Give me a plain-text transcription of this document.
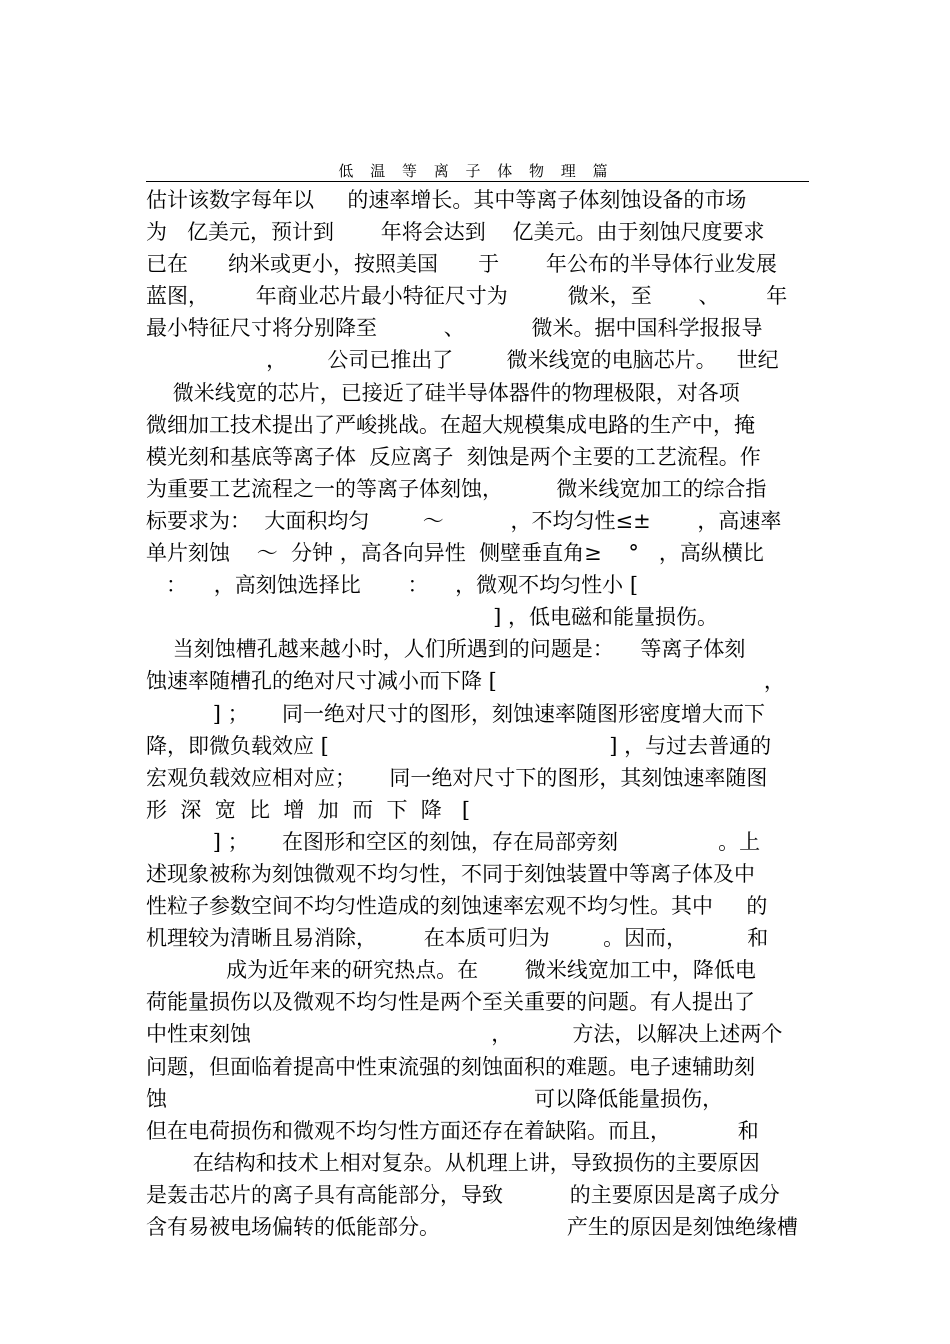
低 温 等 离 子 体 物 理 篇
估计该数字每年以     的速率增长。其中等离子体刻蚀设备的市场
为   亿美元，预计到       年将会达到    亿美元。由于刻蚀尺度要求
已在      纳米或更小，按照美国      于       年公布的半导体行业发展
蓝图，       年商业芯片最小特征尺寸为         微米，至       、       年
最小特征尺寸将分别降至          、          微米。据中国科学报报导
，      公司已推出了        微米线宽的电脑芯片。   世纪
微米线宽的芯片，已接近了硅半导体器件的物理极限，对各项
微细加工技术提出了严峻挑战。在超大规模集成电路的生产中，掩
模光刻和基底等离子体  反应离子  刻蚀是两个主要的工艺流程。作
为重要工艺流程之一的等离子体刻蚀，        微米线宽加工的综合指
标要求为：  大面积均匀        ～          ，不均匀性≤±       ，高速率
单片刻蚀    ～  分钟 ，高各向异性  侧壁垂直角≥    °   ，高纵横比
：    ，高刻蚀选择比       ：    ，微观不均匀性小 [
] ，低电磁和能量损伤。
当刻蚀槽孔越来越小时，人们所遇到的问题是：    等离子体刻
蚀速率随槽孔的绝对尺寸减小而下降 [                                        ，
] ；     同一绝对尺寸的图形，刻蚀速率随图形密度增大而下
降，即微负载效应 [                                          ] ，与过去普通的
宏观负载效应相对应；     同一绝对尺寸下的图形，其刻蚀速率随图
形  深  宽  比  增  加  而  下  降   [
] ；     在图形和空区的刻蚀，存在局部旁刻               。上
述现象被称为刻蚀微观不均匀性，不同于刻蚀装置中等离子体及中
性粒子参数空间不均匀性造成的刻蚀速率宏观不均匀性。其中     的
机理较为清晰且易消除，       在本质可归为        。因而，         和
成为近年来的研究热点。在       微米线宽加工中，降低电
荷能量损伤以及微观不均匀性是两个至关重要的问题。有人提出了
中性束刻蚀                                    ，         方法，以解决上述两个
问题，但面临着提高中性束流强的刻蚀面积的难题。电子速辅助刻
蚀                                                       可以降低能量损伤，
但在电荷损伤和微观不均匀性方面还存在着缺陷。而且，          和
在结构和技术上相对复杂。从机理上讲，导致损伤的主要原因
是轰击芯片的离子具有高能部分，导致          的主要原因是离子成分
含有易被电场偏转的低能部分。                   产生的原因是刻蚀绝缘槽
